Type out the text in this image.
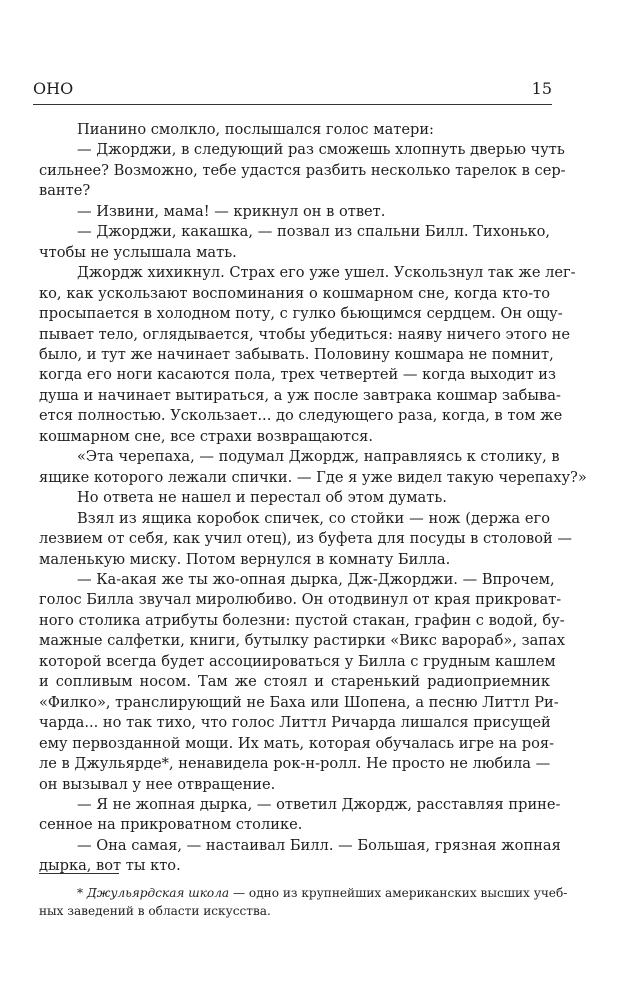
ОНО	15
Пианино смолкло, послышался голос матери:
— Джорджи, в следующий раз сможешь хлопнуть дверью чуть
сильнее? Возможно, тебе удастся разбить несколько тарелок в сер-
ванте?
— Извини, мама! — крикнул он в ответ.
— Джорджи, какашка, — позвал из спальни Билл. Тихонько,
чтобы не услышала мать.
Джордж хихикнул. Страх его уже ушел. Ускользнул так же лег-
ко, как ускользают воспоминания о кошмарном сне, когда кто-то
просыпается в холодном поту, с гулко бьющимся сердцем. Он ощу-
пывает тело, оглядывается, чтобы убедиться: наяву ничего этого не
было, и тут же начинает забывать. Половину кошмара не помнит,
когда его ноги касаются пола, трех четвертей — когда выходит из
душа и начинает вытираться, а уж после завтрака кошмар забыва-
ется полностью. Ускользает... до следующего раза, когда, в том же
кошмарном сне, все страхи возвращаются.
«Эта черепаха, — подумал Джордж, направляясь к столику, в
ящике которого лежали спички. — Где я уже видел такую черепаху?»
Но ответа не нашел и перестал об этом думать.
Взял из ящика коробок спичек, со стойки — нож (держа его
лезвием от себя, как учил отец), из буфета для посуды в столовой —
маленькую миску. Потом вернулся в комнату Билла.
— Ка-акая же ты жо-опная дырка, Дж-Джорджи. — Впрочем,
голос Билла звучал миролюбиво. Он отодвинул от края прикроват-
ного столика атрибуты болезни: пустой стакан, графин с водой, бу-
мажные салфетки, книги, бутылку растирки «Викс варораб», запах
которой всегда будет ассоциироваться у Билла с грудным кашлем
и сопливым носом. Там же стоял и старенький радиоприемник
«Филко», транслирующий не Баха или Шопена, а песню Литтл Ри-
чарда... но так тихо, что голос Литтл Ричарда лишался присущей
ему первозданной мощи. Их мать, которая обучалась игре на роя-
ле в Джульярде*, ненавидела рок-н-ролл. Не просто не любила —
он вызывал у нее отвращение.
— Я не жопная дырка, — ответил Джордж, расставляя прине-
сенное на прикроватном столике.
— Она самая, — настаивал Билл. — Большая, грязная жопная
дырка, вот ты кто.
* Джульярдская школа — одно из крупнейших американских высших учеб-
ных заведений в области искусства.
